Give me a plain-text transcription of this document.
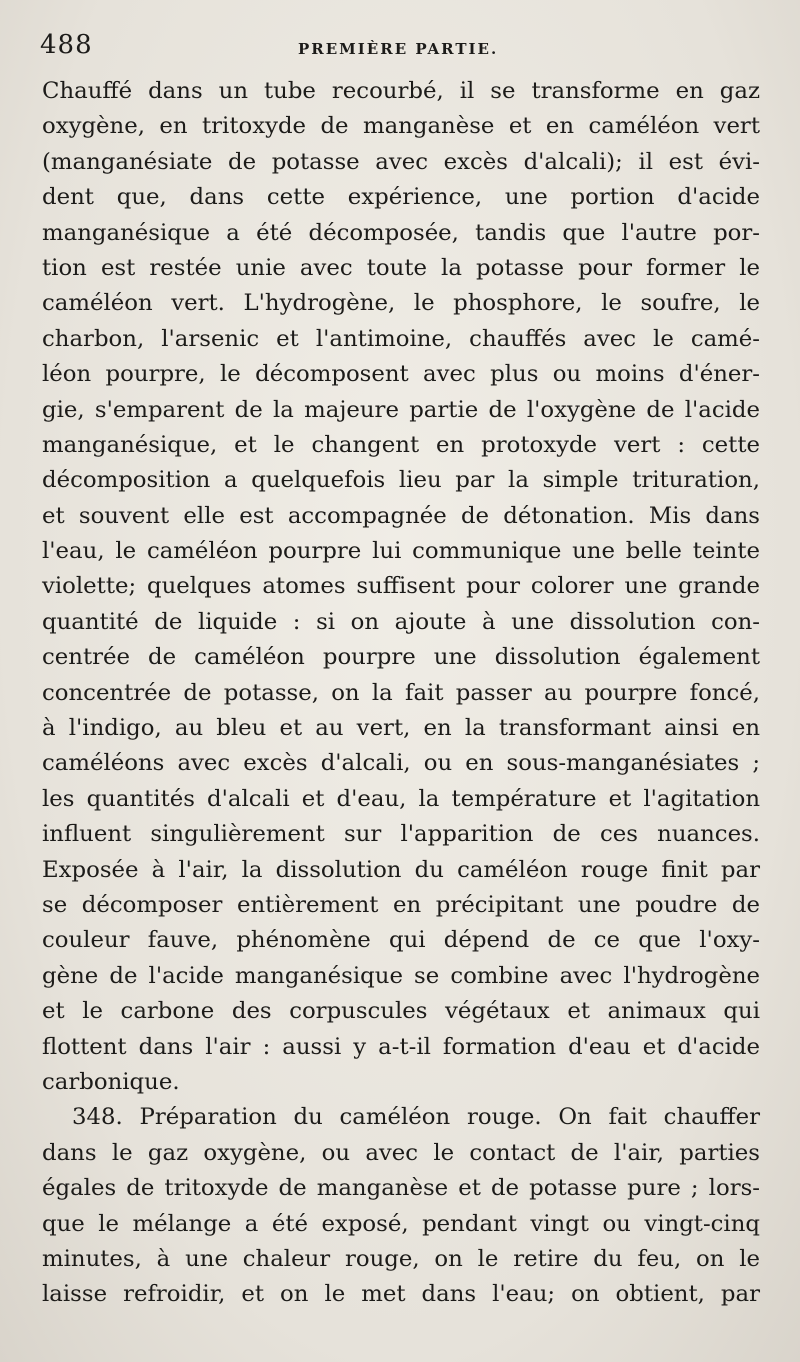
488	PREMIÈRE PARTIE.
Chauffé dans un tube recourbé, il se transforme en gaz
oxygène, en tritoxyde de manganèse et en caméléon vert
(manganésiate de potasse avec excès d'alcali); il est évi-
dent que, dans cette expérience, une portion d'acide
manganésique a été décomposée, tandis que l'autre por-
tion est restée unie avec toute la potasse pour former le
caméléon vert. L'hydrogène, le phosphore, le soufre, le
charbon, l'arsenic et l'antimoine, chauffés avec le camé-
léon pourpre, le décomposent avec plus ou moins d'éner-
gie, s'emparent de la majeure partie de l'oxygène de l'acide
manganésique, et le changent en protoxyde vert : cette
décomposition a quelquefois lieu par la simple trituration,
et souvent elle est accompagnée de détonation. Mis dans
l'eau, le caméléon pourpre lui communique une belle teinte
violette; quelques atomes suffisent pour colorer une grande
quantité de liquide : si on ajoute à une dissolution con-
centrée de caméléon pourpre une dissolution également
concentrée de potasse, on la fait passer au pourpre foncé,
à l'indigo, au bleu et au vert, en la transformant ainsi en
caméléons avec excès d'alcali, ou en sous-manganésiates ;
les quantités d'alcali et d'eau, la température et l'agitation
influent singulièrement sur l'apparition de ces nuances.
Exposée à l'air, la dissolution du caméléon rouge finit par
se décomposer entièrement en précipitant une poudre de
couleur fauve, phénomène qui dépend de ce que l'oxy-
gène de l'acide manganésique se combine avec l'hydrogène
et le carbone des corpuscules végétaux et animaux qui
flottent dans l'air : aussi y a-t-il formation d'eau et d'acide
carbonique.
348. Préparation du caméléon rouge. On fait chauffer
dans le gaz oxygène, ou avec le contact de l'air, parties
égales de tritoxyde de manganèse et de potasse pure ; lors-
que le mélange a été exposé, pendant vingt ou vingt-cinq
minutes, à une chaleur rouge, on le retire du feu, on le
laisse refroidir, et on le met dans l'eau; on obtient, par
